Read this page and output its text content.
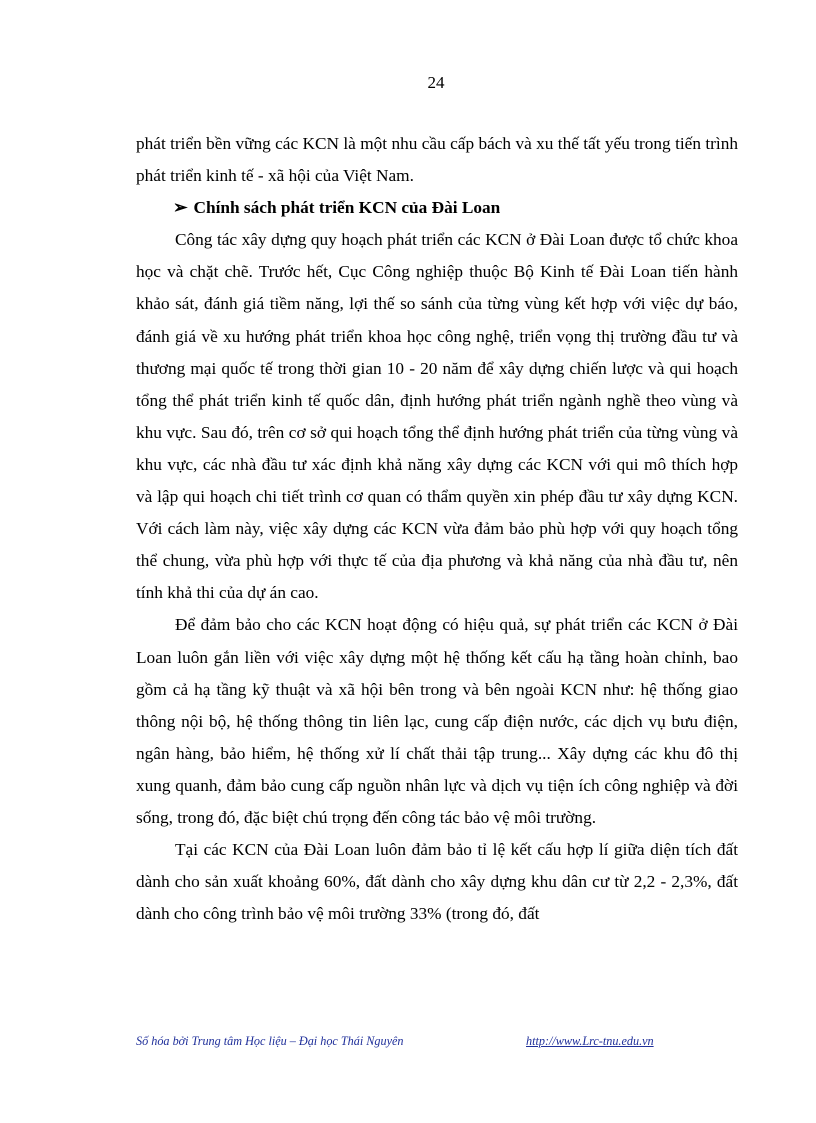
24

phát triển bền vững các KCN là một nhu cầu cấp bách và xu thế tất yếu trong tiến trình phát triển kinh tế - xã hội của Việt Nam.

➢ Chính sách phát triển KCN của Đài Loan

Công tác xây dựng quy hoạch phát triển các KCN ở Đài Loan được tổ chức khoa học và chặt chẽ. Trước hết, Cục Công nghiệp thuộc Bộ Kinh tế Đài Loan tiến hành khảo sát, đánh giá tiềm năng, lợi thế so sánh của từng vùng kết hợp với việc dự báo, đánh giá về xu hướng phát triển khoa học công nghệ, triển vọng thị trường đầu tư và thương mại quốc tế trong thời gian 10 - 20 năm để xây dựng chiến lược và qui hoạch tổng thể phát triển kinh tế quốc dân, định hướng phát triển ngành nghề theo vùng và khu vực. Sau đó, trên cơ sở qui hoạch tổng thể định hướng phát triển của từng vùng và khu vực, các nhà đầu tư xác định khả năng xây dựng các KCN với qui mô thích hợp và lập qui hoạch chi tiết trình cơ quan có thẩm quyền xin phép đầu tư xây dựng KCN. Với cách làm này, việc xây dựng các KCN vừa đảm bảo phù hợp với quy hoạch tổng thể chung, vừa phù hợp với thực tế của địa phương và khả năng của nhà đầu tư, nên tính khả thi của dự án cao.

Để đảm bảo cho các KCN hoạt động có hiệu quả, sự phát triển các KCN ở Đài Loan luôn gắn liền với việc xây dựng một hệ thống kết cấu hạ tầng hoàn chỉnh, bao gồm cả hạ tầng kỹ thuật và xã hội bên trong và bên ngoài KCN như: hệ thống giao thông nội bộ, hệ thống thông tin liên lạc, cung cấp điện nước, các dịch vụ bưu điện, ngân hàng, bảo hiểm, hệ thống xử lí chất thải tập trung... Xây dựng các khu đô thị xung quanh, đảm bảo cung cấp nguồn nhân lực và dịch vụ tiện ích công nghiệp và đời sống, trong đó, đặc biệt chú trọng đến công tác bảo vệ môi trường.

Tại các KCN của Đài Loan luôn đảm bảo tỉ lệ kết cấu hợp lí giữa diện tích đất dành cho sản xuất khoảng 60%, đất dành cho xây dựng khu dân cư từ 2,2 - 2,3%, đất dành cho công trình bảo vệ môi trường 33% (trong đó, đất

Số hóa bởi Trung tâm Học liệu – Đại học Thái Nguyên	http://www.Lrc-tnu.edu.vn
